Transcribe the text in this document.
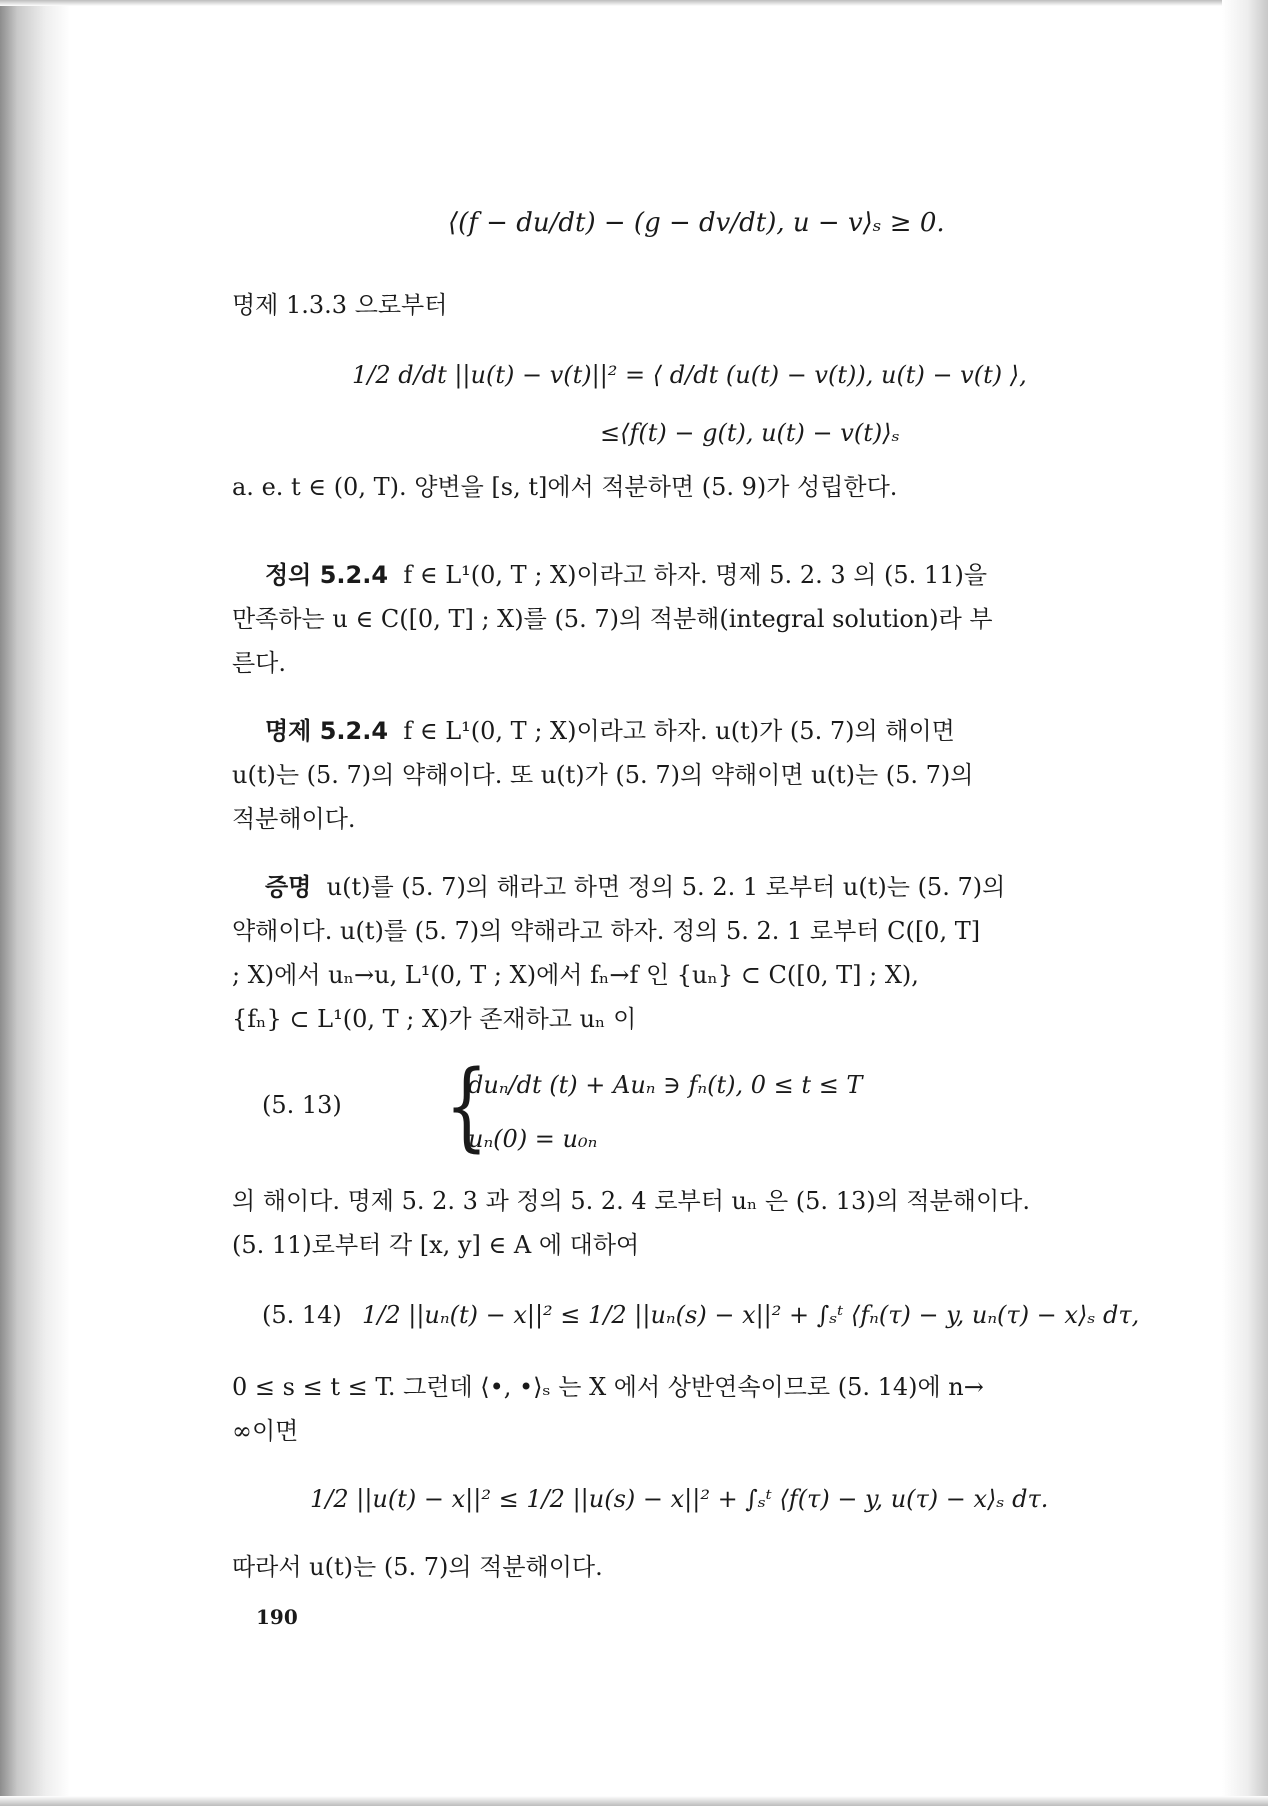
⟨(f − du/dt) − (g − dv/dt), u − v⟩ₛ ≥ 0.
명제 1.3.3 으로부터
1/2 d/dt ||u(t) − v(t)||² = ⟨ d/dt (u(t) − v(t)), u(t) − v(t) ⟩,
≤⟨f(t) − g(t), u(t) − v(t)⟩ₛ
a. e. t ∈ (0, T). 양변을 [s, t]에서 적분하면 (5. 9)가 성립한다.
정의 5.2.4 f ∈ L¹(0, T ; X)이라고 하자. 명제 5. 2. 3 의 (5. 11)을
만족하는 u ∈ C([0, T] ; X)를 (5. 7)의 적분해(integral solution)라 부
른다.
명제 5.2.4 f ∈ L¹(0, T ; X)이라고 하자. u(t)가 (5. 7)의 해이면
u(t)는 (5. 7)의 약해이다. 또 u(t)가 (5. 7)의 약해이면 u(t)는 (5. 7)의
적분해이다.
증명 u(t)를 (5. 7)의 해라고 하면 정의 5. 2. 1 로부터 u(t)는 (5. 7)의
약해이다. u(t)를 (5. 7)의 약해라고 하자. 정의 5. 2. 1 로부터 C([0, T]
; X)에서 uₙ→u, L¹(0, T ; X)에서 fₙ→f 인 {uₙ} ⊂ C([0, T] ; X),
{fₙ} ⊂ L¹(0, T ; X)가 존재하고 uₙ 이
(5. 13) {
duₙ/dt (t) + Auₙ ∋ fₙ(t), 0 ≤ t ≤ T
uₙ(0) = u₀ₙ
의 해이다. 명제 5. 2. 3 과 정의 5. 2. 4 로부터 uₙ 은 (5. 13)의 적분해이다.
(5. 11)로부터 각 [x, y] ∈ A 에 대하여
(5. 14) 1/2 ||uₙ(t) − x||² ≤ 1/2 ||uₙ(s) − x||² + ∫ₛᵗ ⟨fₙ(τ) − y, uₙ(τ) − x⟩ₛ dτ,
0 ≤ s ≤ t ≤ T. 그런데 ⟨•, •⟩ₛ 는 X 에서 상반연속이므로 (5. 14)에 n→
∞이면
1/2 ||u(t) − x||² ≤ 1/2 ||u(s) − x||² + ∫ₛᵗ ⟨f(τ) − y, u(τ) − x⟩ₛ dτ.
따라서 u(t)는 (5. 7)의 적분해이다.
190
